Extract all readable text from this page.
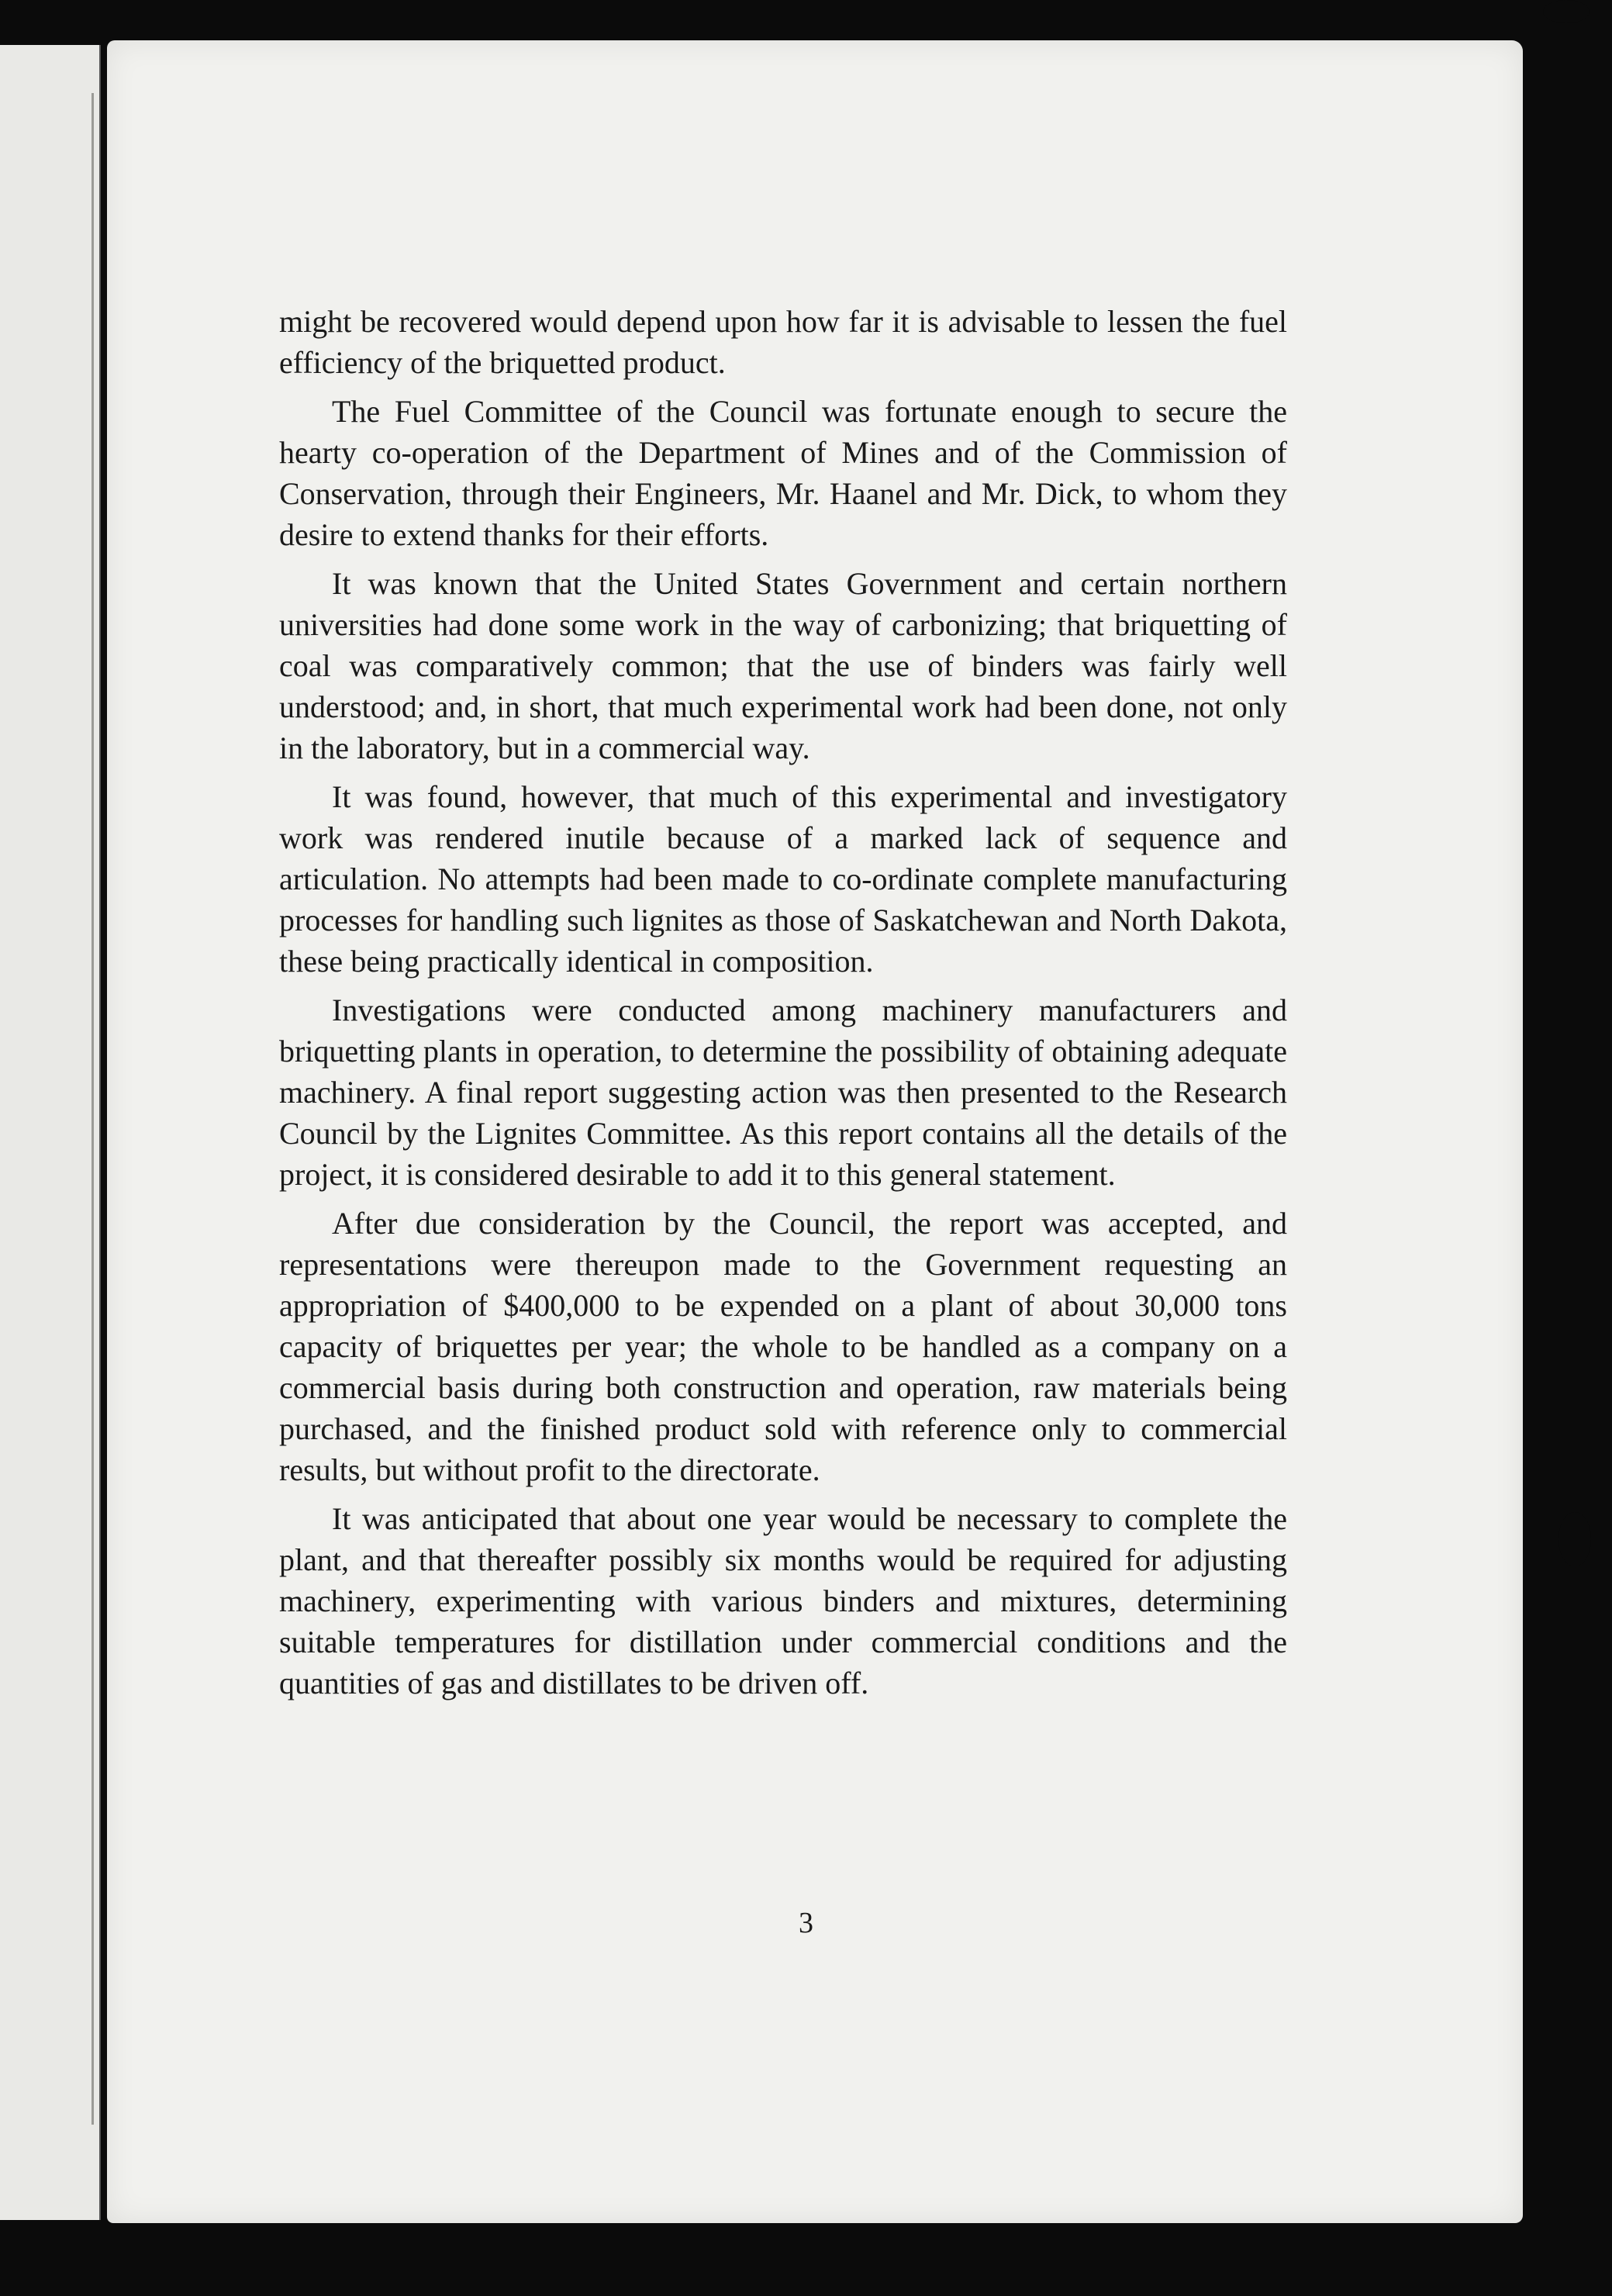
might be recovered would depend upon how far it is advisable to lessen the fuel efficiency of the briquetted product.

The Fuel Committee of the Council was fortunate enough to secure the hearty co-operation of the Department of Mines and of the Commission of Conservation, through their Engineers, Mr. Haanel and Mr. Dick, to whom they desire to extend thanks for their efforts.

It was known that the United States Government and certain northern universities had done some work in the way of carbonizing; that briquetting of coal was comparatively common; that the use of binders was fairly well understood; and, in short, that much experimental work had been done, not only in the laboratory, but in a commercial way.

It was found, however, that much of this experimental and investigatory work was rendered inutile because of a marked lack of sequence and articulation. No attempts had been made to co-ordinate complete manufacturing processes for handling such lignites as those of Saskatchewan and North Dakota, these being practically identical in composition.

Investigations were conducted among machinery manufacturers and briquetting plants in operation, to determine the possibility of obtaining adequate machinery. A final report suggesting action was then presented to the Research Council by the Lignites Committee. As this report contains all the details of the project, it is considered desirable to add it to this general statement.

After due consideration by the Council, the report was accepted, and representations were thereupon made to the Government requesting an appropriation of $400,000 to be expended on a plant of about 30,000 tons capacity of briquettes per year; the whole to be handled as a company on a commercial basis during both construction and operation, raw materials being purchased, and the finished product sold with reference only to commercial results, but without profit to the directorate.

It was anticipated that about one year would be necessary to complete the plant, and that thereafter possibly six months would be required for adjusting machinery, experimenting with various binders and mixtures, determining suitable temperatures for distillation under commercial conditions and the quantities of gas and distillates to be driven off.

3
